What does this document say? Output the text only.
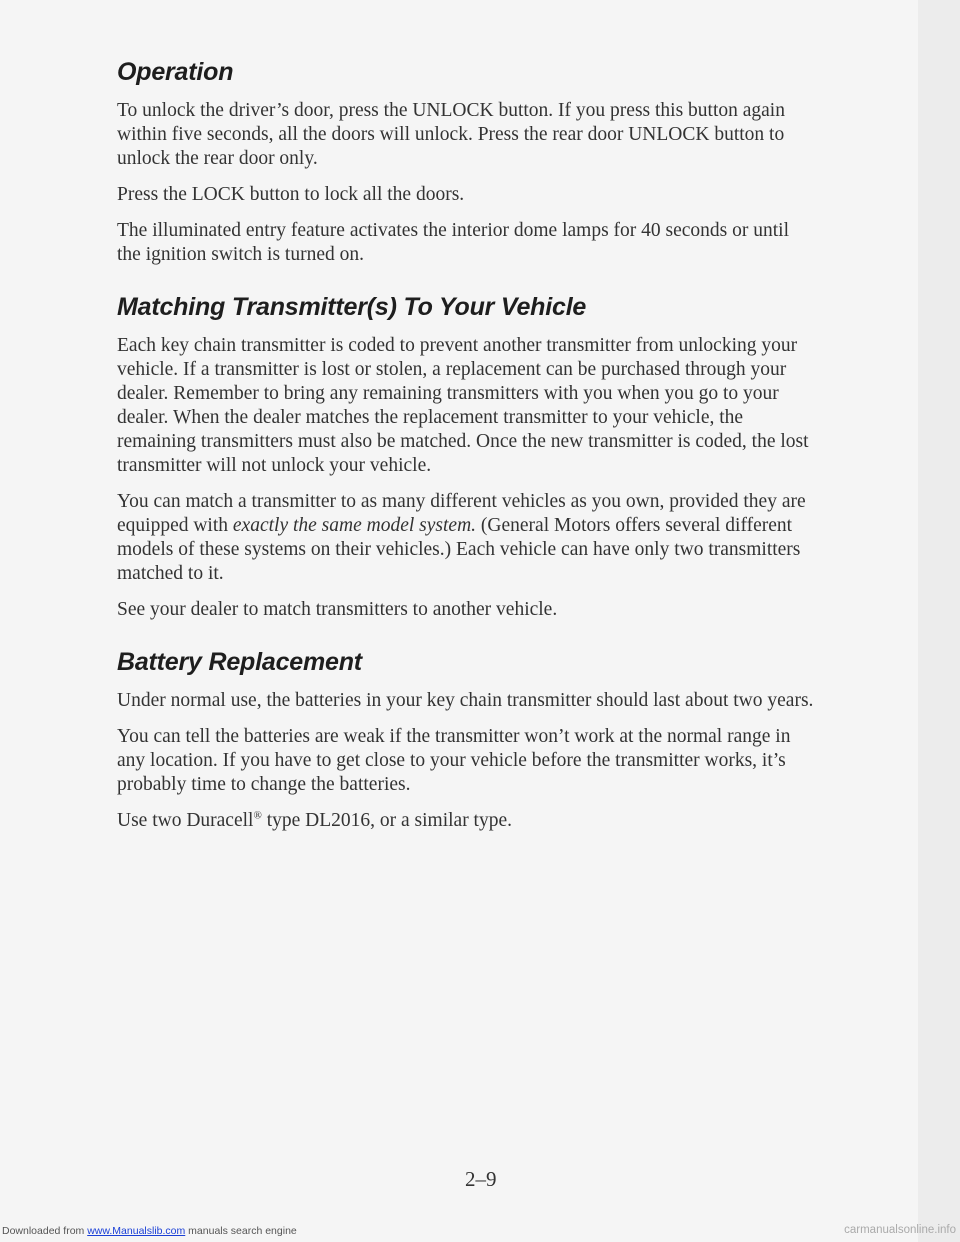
Operation

To unlock the driver’s door, press the UNLOCK button. If you press this button again within five seconds, all the doors will unlock. Press the rear door UNLOCK button to unlock the rear door only.

Press the LOCK button to lock all the doors.

The illuminated entry feature activates the interior dome lamps for 40 seconds or until the ignition switch is turned on.

Matching Transmitter(s) To Your Vehicle

Each key chain transmitter is coded to prevent another transmitter from unlocking your vehicle. If a transmitter is lost or stolen, a replacement can be purchased through your dealer. Remember to bring any remaining transmitters with you when you go to your dealer. When the dealer matches the replacement transmitter to your vehicle, the remaining transmitters must also be matched. Once the new transmitter is coded, the lost transmitter will not unlock your vehicle.

You can match a transmitter to as many different vehicles as you own, provided they are equipped with exactly the same model system. (General Motors offers several different models of these systems on their vehicles.) Each vehicle can have only two transmitters matched to it.

See your dealer to match transmitters to another vehicle.

Battery Replacement

Under normal use, the batteries in your key chain transmitter should last about two years.

You can tell the batteries are weak if the transmitter won’t work at the normal range in any location. If you have to get close to your vehicle before the transmitter works, it’s probably time to change the batteries.

Use two Duracell® type DL2016, or a similar type.

2–9
Downloaded from www.Manualslib.com manuals search engine	carmanualsonline.info
